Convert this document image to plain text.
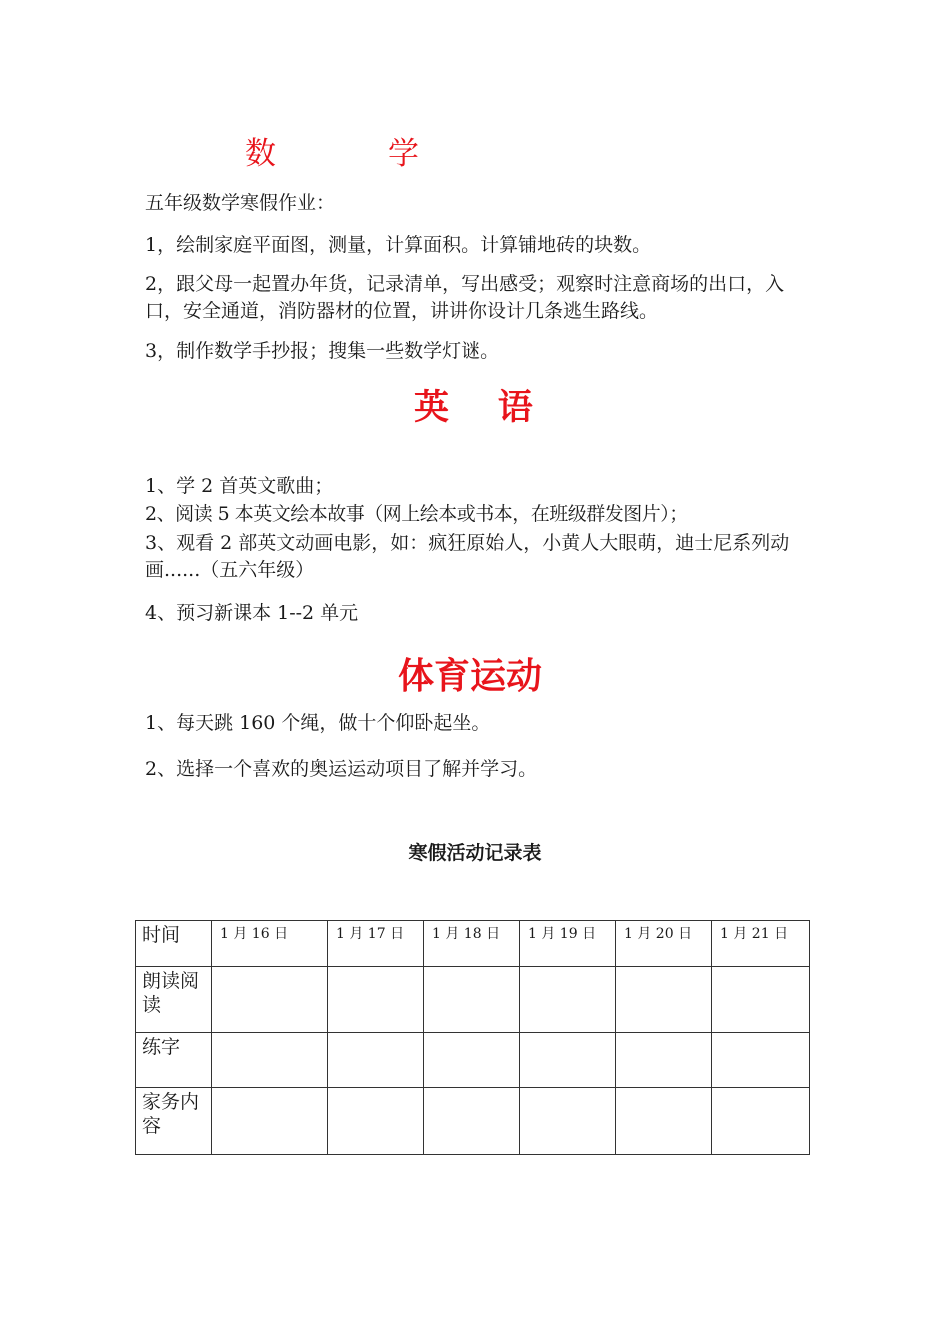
数	学
五年级数学寒假作业：
1，绘制家庭平面图，测量，计算面积。计算铺地砖的块数。
2，跟父母一起置办年货，记录清单，写出感受；观察时注意商场的出口，入口，安全通道，消防器材的位置，讲讲你设计几条逃生路线。
3，制作数学手抄报；搜集一些数学灯谜。
英    语
1、学 2 首英文歌曲；
2、阅读 5 本英文绘本故事（网上绘本或书本，在班级群发图片）；
3、观看 2 部英文动画电影，如：疯狂原始人，小黄人大眼萌，迪士尼系列动画......（五六年级）
4、预习新课本 1--2 单元
体育运动
1、每天跳 160 个绳，做十个仰卧起坐。
2、选择一个喜欢的奥运运动项目了解并学习。
寒假活动记录表
时间	1 月 16 日	1 月 17 日	1 月 18 日	1 月 19 日	1 月 20 日	1 月 21 日
朗读阅读						
练字						
家务内容						
